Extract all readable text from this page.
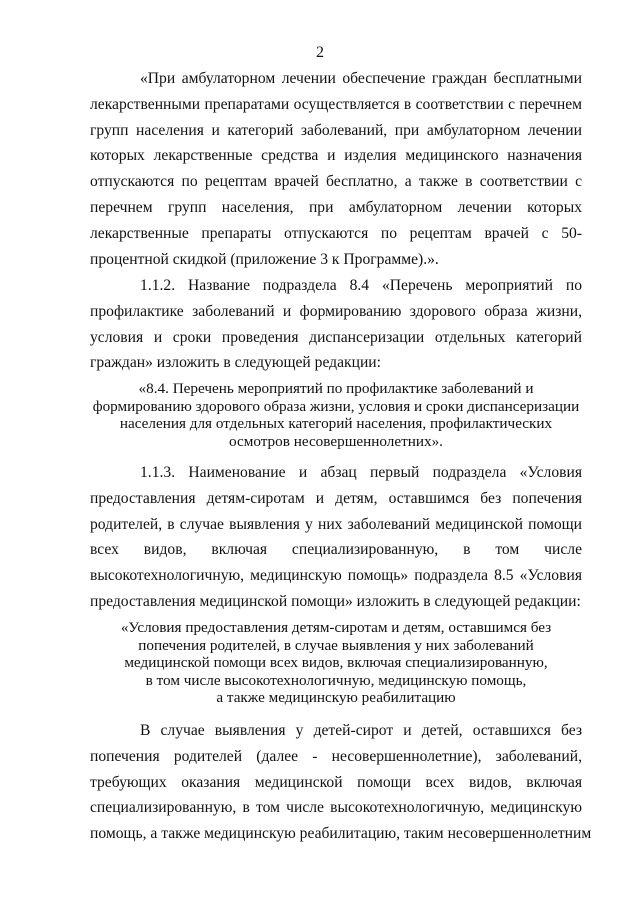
2
«При амбулаторном лечении обеспечение граждан бесплатными
лекарственными препаратами осуществляется в соответствии с перечнем
групп населения и категорий заболеваний, при амбулаторном лечении
которых лекарственные средства и изделия медицинского назначения
отпускаются по рецептам врачей бесплатно, а также в соответствии с
перечнем групп населения, при амбулаторном лечении которых
лекарственные препараты отпускаются по рецептам врачей с 50-
процентной скидкой (приложение 3 к Программе).».
1.1.2. Название подраздела 8.4 «Перечень мероприятий по
профилактике заболеваний и формированию здорового образа жизни,
условия и сроки проведения диспансеризации отдельных категорий
граждан» изложить в следующей редакции:
«8.4. Перечень мероприятий по профилактике заболеваний и
формированию здорового образа жизни, условия и сроки диспансеризации
населения для отдельных категорий населения, профилактических
осмотров несовершеннолетних».
1.1.3. Наименование и абзац первый подраздела «Условия
предоставления детям-сиротам и детям, оставшимся без попечения
родителей, в случае выявления у них заболеваний медицинской помощи
всех видов, включая специализированную, в том числе
высокотехнологичную, медицинскую помощь» подраздела 8.5 «Условия
предоставления медицинской помощи» изложить в следующей редакции:
«Условия предоставления детям-сиротам и детям, оставшимся без
попечения родителей, в случае выявления у них заболеваний
медицинской помощи всех видов, включая специализированную,
в том числе высокотехнологичную, медицинскую помощь,
а также медицинскую реабилитацию
В случае выявления у детей-сирот и детей, оставшихся без
попечения родителей (далее - несовершеннолетние), заболеваний,
требующих оказания медицинской помощи всех видов, включая
специализированную, в том числе высокотехнологичную, медицинскую
помощь, а также медицинскую реабилитацию, таким несовершеннолетним
